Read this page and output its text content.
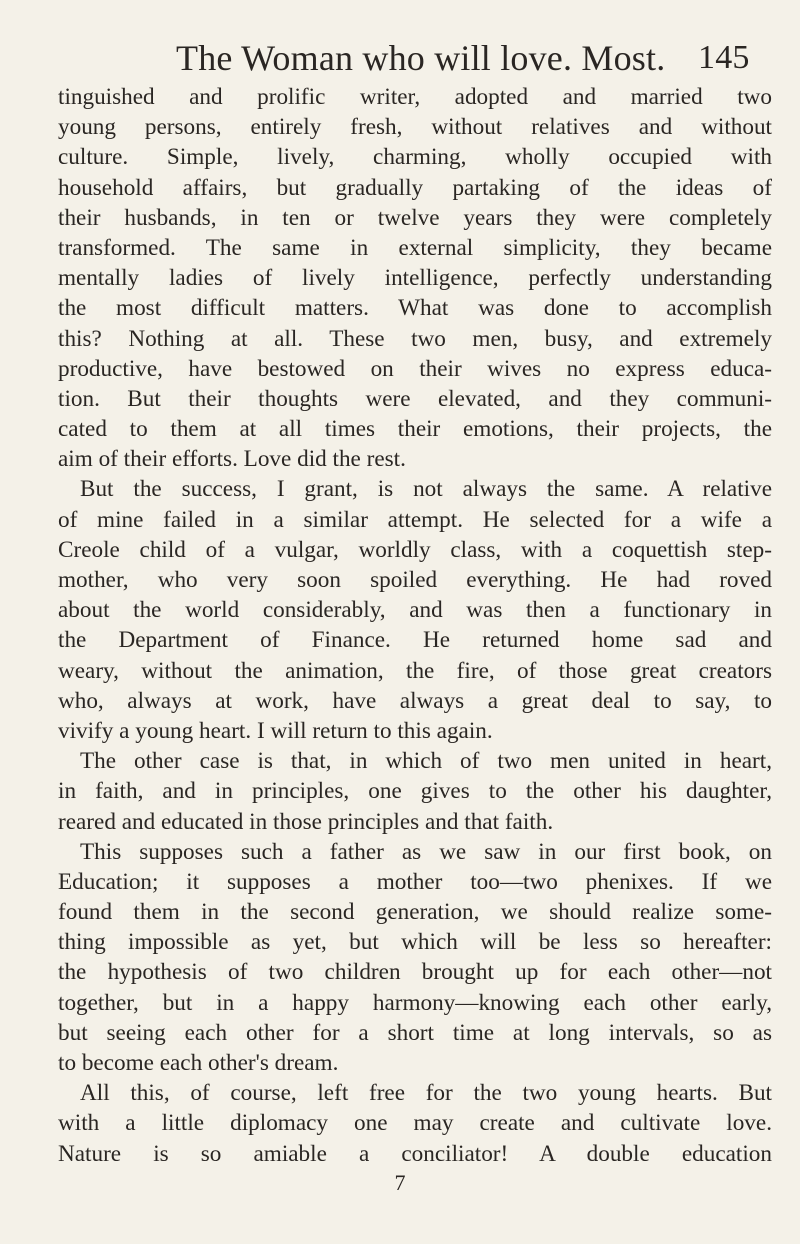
The Woman who will love. Most. 145
tinguished and prolific writer, adopted and married two
young persons, entirely fresh, without relatives and without
culture. Simple, lively, charming, wholly occupied with
household affairs, but gradually partaking of the ideas of
their husbands, in ten or twelve years they were completely
transformed. The same in external simplicity, they became
mentally ladies of lively intelligence, perfectly understanding
the most difficult matters. What was done to accomplish
this? Nothing at all. These two men, busy, and extremely
productive, have bestowed on their wives no express educa-
tion. But their thoughts were elevated, and they communi-
cated to them at all times their emotions, their projects, the
aim of their efforts. Love did the rest.
But the success, I grant, is not always the same. A relative
of mine failed in a similar attempt. He selected for a wife a
Creole child of a vulgar, worldly class, with a coquettish step-
mother, who very soon spoiled everything. He had roved
about the world considerably, and was then a functionary in
the Department of Finance. He returned home sad and
weary, without the animation, the fire, of those great creators
who, always at work, have always a great deal to say, to
vivify a young heart. I will return to this again.
The other case is that, in which of two men united in heart,
in faith, and in principles, one gives to the other his daughter,
reared and educated in those principles and that faith.
This supposes such a father as we saw in our first book, on
Education; it supposes a mother too—two phenixes. If we
found them in the second generation, we should realize some-
thing impossible as yet, but which will be less so hereafter:
the hypothesis of two children brought up for each other—not
together, but in a happy harmony—knowing each other early,
but seeing each other for a short time at long intervals, so as
to become each other's dream.
All this, of course, left free for the two young hearts. But
with a little diplomacy one may create and cultivate love.
Nature is so amiable a conciliator! A double education
7
